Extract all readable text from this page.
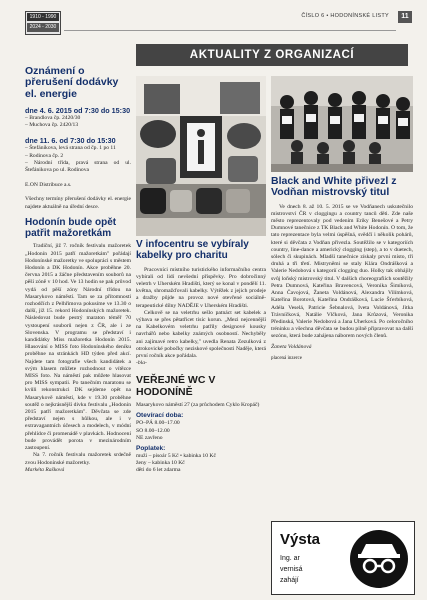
1910 - 1990
2024 - 2030
ČÍSLO 6 • HODONÍNSKÉ LISTY	11
AKTUALITY Z ORGANIZACÍ
Oznámení o přerušení dodávky el. energie
dne 4. 6. 2015 od 7:30 do 15:30

– Brandlova čp. 2420/30

– Muchova čp. 2420/13

dne 11. 6. od 7:30 do 15:30

– Štefánikova, levá strana od čp. 1 po 11

– Rodinova čp. 2

– Národní třída, pravá strana od ul. Štefánikova po ul. Rodinova

E.ON Distribuce a.s.

Všechny termíny přerušení dodávky el. energie najdete aktuálně na úřední desce.

Hodonín bude opět patřit mažoretkám

Tradiční, již 7. ročník festivalu mažoretek „Hodonín 2015 patří mažoretkám" pořádají Hodonínské mažoretky ve spolupráci s městem Hodonín a DK Hodonín. Akce proběhne 20. června 2015 a žáčne představením souborů na pěší zóně v 10 hod. Ve 13 hodin se pak průvod vydá od pěší zóny Národní třídou na Masarykovo náměstí. Tam se za přítomnosti rozhodčích z Pelhřimova pokusíme ve 13.30 o další, již 15. rekord Hodonínských mažoretek. Následovat bude pestrý maraton téměř 70 vystoupení souborů nejen z ČR, ale i ze Slovenska. V programu se představí i kandidátky Miss mažoretka Hodonín 2015. Hlasování o MISS foto Hodonínského deníku proběhne na stránkách HD týden před akcí. Najdete tam fotografie všech kandidátek a svým hlasem můžete rozhodnout o vítězce MISS foto. Na náměstí pak můžete hlasovat pro MISS sympatii. Po tanečním maratonu se kvůli rekonstrukci DK sejdeme opět na Masarykově náměstí, kde v 19.30 proběhne soutěž o nejkrásnější divku festivalu „Hodonín 2015 patří mažoretkám". Děvčata se zde představí nejen s hůlkou, ale i v extravagantních účesech a modelech, v módní přehlídce či promenádě v plavkách. Hodnocení bude provádět porota v mezinárodním zastoupení.

Na 7. ročník festivalu mažoretek srdečně zvou Hodonínské mažoretky.

Markéta Rašková

V infocentru se vybíraly kabelky pro charitu

Pracovníci místního turistického informačního centra vybírali od lidí nevšední příspěvky. Pro dobročinný veletrh v Uherském Hradišti, který se konal v pondělí 11. května, shromažďovali kabelky. Výtěžek z jejich prodeje a dražby půjde na provoz nové otevřené sociálně-terapeutické dílny NADĚJE v Uherském Hradišti.

Celkově se na veletrhu sešlo patnáct set kabelek a výbava se přes pětatřicet tisíc korun. „Mezi nejcennější na Kabelkovém veletrhu patřily designové kousky navrhářů nebo kabelky známých osobností. Nechyběly ani zajímavé retro kabelky," uvedla Renata Zezulková z otrokovické pobočky neziskové společnosti Naděje, která první ročník akce pořádala.

-bla-

VEŘEJNÉ WC V HODONÍNĚ

Masarykovo náměstí 27 (za průchodem Cyklo Kropáč)

Otevírací doba:

PO–PÁ 8.00–17.00

SO 8.00–12.00

NE zavřeno

Poplatek:

muži – pisoár 5 Kč • kabinka 10 Kč

ženy – kabinka 10 Kč

děti do 6 let zdarma

Black and White přivezl z Vodňan mistrovský titul

Ve dnech 8. až 10. 5. 2015 se ve Vodňanech uskutečnilo mistrovství ČR v cloggingu a country tanců děti. Zde naše město reprezentovaly pod vedením Eriky Benešové a Petry Dumnové tanečnice z TK Black and White Hodonín. O tom, že tato reprezentace byla velmi úspěšná, svědčí i několik pohárů, které si děvčata z Vodňan přivezla. Soutěžilo se v kategoriích country, line-dance a americký clogging (step), a to v duetech, sólech či skupinách. Mladší tanečnice získaly první místo, tři druhá a tři třetí. Mistryněmi se staly Klára Ondrášková a Valerie Nedobová s kategorií clogging duo. Holky tak obhájily svůj loňský mistrovský titul. V dalších choreografiích soutěžily Petra Dumnová, Kateřina Bravencová, Veronika Šimíková, Anna Čavojová, Žaneta Voldánová, Alexandra Vilímková, Kateřina Borotová, Kateřina Ondrášková, Lucie Šťerbíková, Adéla Veselá, Patricie Šebnalová, Iveta Voldánová, Jitka Trávníčková, Natálie Vlčková, Jana Krůzová, Veronika Předinská, Valerie Nedobová a Jana Uherková. Po celoročního tréninku a všechna děvčata se budou pilně připravovat na další sezónu, která bude zahájena náborem nových členů.

Žaneta Voldánová

placená inzerce

Výsta
Ing. ar
vernisá
zahájí
